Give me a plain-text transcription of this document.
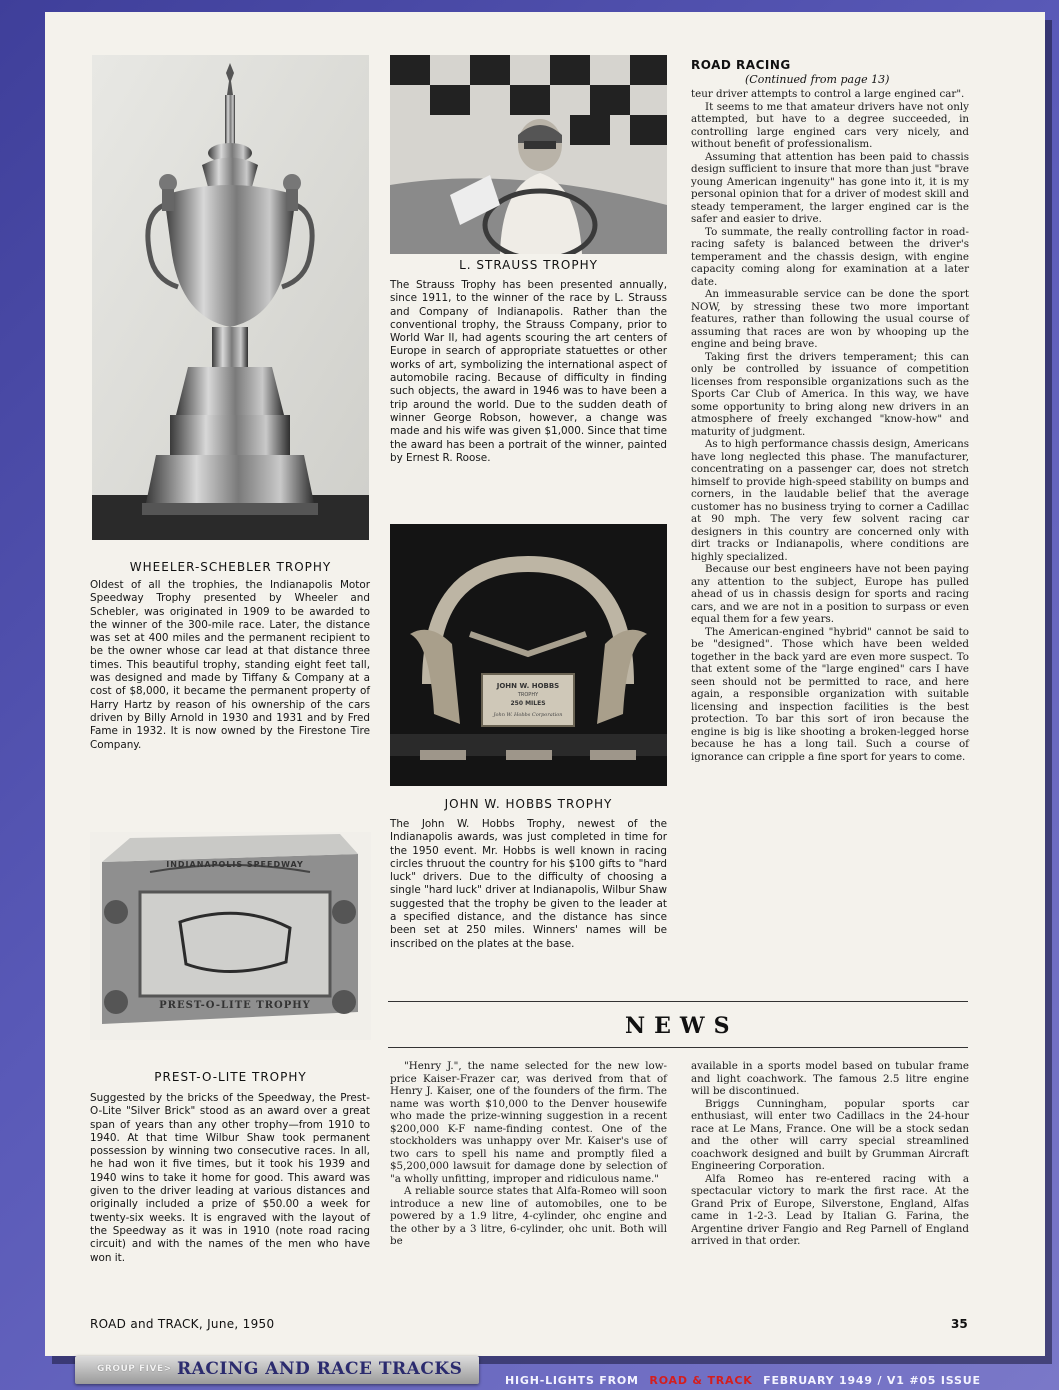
WHEELER-SCHEBLER TROPHY
Oldest of all the trophies, the Indianapolis Motor Speedway Trophy presented by Wheeler and Schebler, was originated in 1909 to be awarded to the winner of the 300-mile race. Later, the distance was set at 400 miles and the permanent recipient to be the owner whose car lead at that distance three times. This beautiful trophy, standing eight feet tall, was designed and made by Tiffany & Company at a cost of $8,000, it became the permanent property of Harry Hartz by reason of his ownership of the cars driven by Billy Arnold in 1930 and 1931 and by Fred Fame in 1932. It is now owned by the Firestone Tire Company.
L. STRAUSS TROPHY
The Strauss Trophy has been presented annually, since 1911, to the winner of the race by L. Strauss and Company of Indianapolis. Rather than the conventional trophy, the Strauss Company, prior to World War II, had agents scouring the art centers of Europe in search of appropriate statuettes or other works of art, symbolizing the international aspect of automobile racing. Because of difficulty in finding such objects, the award in 1946 was to have been a trip around the world. Due to the sudden death of winner George Robson, however, a change was made and his wife was given $1,000. Since that time the award has been a portrait of the winner, painted by Ernest R. Roose.
JOHN W. HOBBS
TROPHY
250 MILES
John W. Hobbs Corporation
JOHN W. HOBBS TROPHY
The John W. Hobbs Trophy, newest of the Indianapolis awards, was just completed in time for the 1950 event. Mr. Hobbs is well known in racing circles thruout the country for his $100 gifts to "hard luck" drivers. Due to the difficulty of choosing a single "hard luck" driver at Indianapolis, Wilbur Shaw suggested that the trophy be given to the leader at a specified distance, and the distance has since been set at 250 miles. Winners' names will be inscribed on the plates at the base.
INDIANAPOLIS SPEEDWAY
PREST-O-LITE TROPHY
PREST-O-LITE TROPHY
Suggested by the bricks of the Speedway, the Prest-O-Lite "Silver Brick" stood as an award over a great span of years than any other trophy—from 1910 to 1940. At that time Wilbur Shaw took permanent possession by winning two consecutive races. In all, he had won it five times, but it took his 1939 and 1940 wins to take it home for good. This award was given to the driver leading at various distances and originally included a prize of $50.00 a week for twenty-six weeks. It is engraved with the layout of the Speedway as it was in 1910 (note road racing circuit) and with the names of the men who have won it.
ROAD RACING
(Continued from page 13)

teur driver attempts to control a large engined car".

It seems to me that amateur drivers have not only attempted, but have to a degree succeeded, in controlling large engined cars very nicely, and without benefit of professionalism.

Assuming that attention has been paid to chassis design sufficient to insure that more than just "brave young American ingenuity" has gone into it, it is my personal opinion that for a driver of modest skill and steady temperament, the larger engined car is the safer and easier to drive.

To summate, the really controlling factor in road-racing safety is balanced between the driver's temperament and the chassis design, with engine capacity coming along for examination at a later date.

An immeasurable service can be done the sport NOW, by stressing these two more important features, rather than following the usual course of assuming that races are won by whooping up the engine and being brave.

Taking first the drivers temperament; this can only be controlled by issuance of competition licenses from responsible organizations such as the Sports Car Club of America. In this way, we have some opportunity to bring along new drivers in an atmosphere of freely exchanged "know-how" and maturity of judgment.

As to high performance chassis design, Americans have long neglected this phase. The manufacturer, concentrating on a passenger car, does not stretch himself to provide high-speed stability on bumps and corners, in the laudable belief that the average customer has no business trying to corner a Cadillac at 90 mph. The very few solvent racing car designers in this country are concerned only with dirt tracks or Indianapolis, where conditions are highly specialized.

Because our best engineers have not been paying any attention to the subject, Europe has pulled ahead of us in chassis design for sports and racing cars, and we are not in a position to surpass or even equal them for a few years.

The American-engined "hybrid" cannot be said to be "designed". Those which have been welded together in the back yard are even more suspect. To that extent some of the "large engined" cars I have seen should not be permitted to race, and here again, a responsible organization with suitable licensing and inspection facilities is the best protection. To bar this sort of iron because the engine is big is like shooting a broken-legged horse because he has a long tail. Such a course of ignorance can cripple a fine sport for years to come.

NEWS

"Henry J.", the name selected for the new low-price Kaiser-Frazer car, was derived from that of Henry J. Kaiser, one of the founders of the firm. The name was worth $10,000 to the Denver housewife who made the prize-winning suggestion in a recent $200,000 K-F name-finding contest. One of the stockholders was unhappy over Mr. Kaiser's use of two cars to spell his name and promptly filed a $5,200,000 lawsuit for damage done by selection of "a wholly unfitting, improper and ridiculous name."

A reliable source states that Alfa-Romeo will soon introduce a new line of automobiles, one to be powered by a 1.9 litre, 4-cylinder, ohc engine and the other by a 3 litre, 6-cylinder, ohc unit. Both will be

available in a sports model based on tubular frame and light coachwork. The famous 2.5 litre engine will be discontinued.

Briggs Cunningham, popular sports car enthusiast, will enter two Cadillacs in the 24-hour race at Le Mans, France. One will be a stock sedan and the other will carry special streamlined coachwork designed and built by Grumman Aircraft Engineering Corporation.

Alfa Romeo has re-entered racing with a spectacular victory to mark the first race. At the Grand Prix of Europe, Silverstone, England, Alfas came in 1-2-3. Lead by Italian G. Farina, the Argentine driver Fangio and Reg Parnell of England arrived in that order.

ROAD and TRACK, June, 1950	35
GROUP FIVE> RACING AND RACE TRACKS
HIGH-LIGHTS FROM ROAD & TRACK FEBRUARY 1949 / V1 #05 ISSUE
